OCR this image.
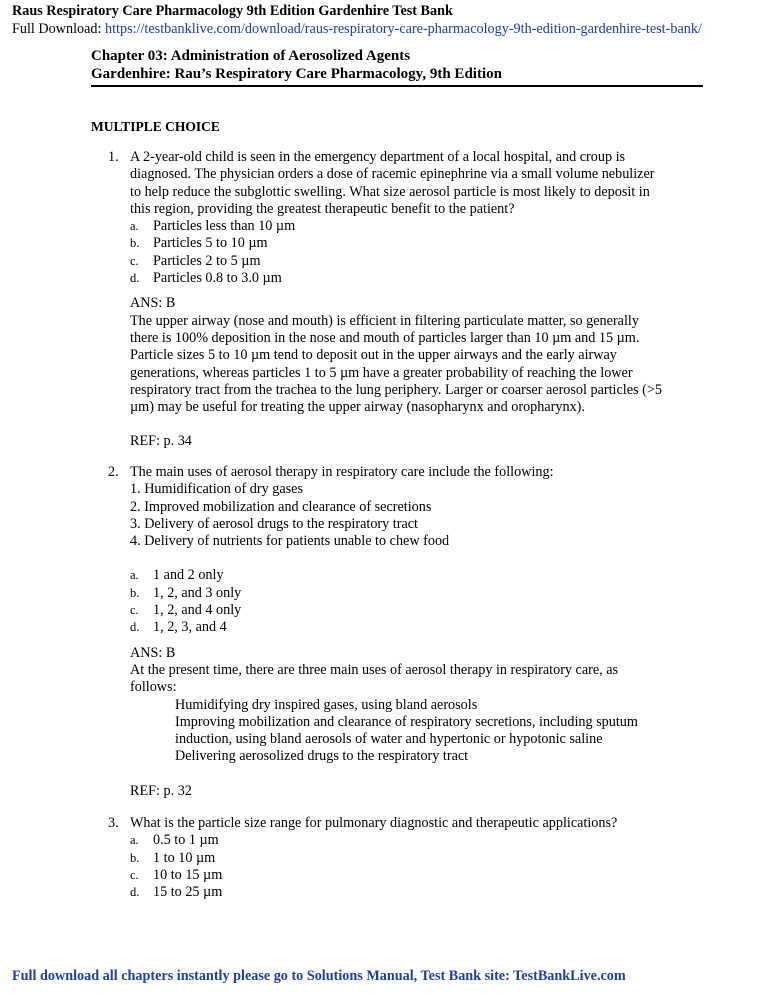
Raus Respiratory Care Pharmacology 9th Edition Gardenhire Test Bank
Full Download: https://testbanklive.com/download/raus-respiratory-care-pharmacology-9th-edition-gardenhire-test-bank/
Chapter 03: Administration of Aerosolized Agents
Gardenhire: Rau’s Respiratory Care Pharmacology, 9th Edition
MULTIPLE CHOICE
1. A 2-year-old child is seen in the emergency department of a local hospital, and croup is
diagnosed. The physician orders a dose of racemic epinephrine via a small volume nebulizer
to help reduce the subglottic swelling. What size aerosol particle is most likely to deposit in
this region, providing the greatest therapeutic benefit to the patient?
a. Particles less than 10 µm
b. Particles 5 to 10 µm
c. Particles 2 to 5 µm
d. Particles 0.8 to 3.0 µm
ANS: B
The upper airway (nose and mouth) is efficient in filtering particulate matter, so generally
there is 100% deposition in the nose and mouth of particles larger than 10 µm and 15 µm.
Particle sizes 5 to 10 µm tend to deposit out in the upper airways and the early airway
generations, whereas particles 1 to 5 µm have a greater probability of reaching the lower
respiratory tract from the trachea to the lung periphery. Larger or coarser aerosol particles (>5
µm) may be useful for treating the upper airway (nasopharynx and oropharynx).
REF: p. 34
2. The main uses of aerosol therapy in respiratory care include the following:
1. Humidification of dry gases
2. Improved mobilization and clearance of secretions
3. Delivery of aerosol drugs to the respiratory tract
4. Delivery of nutrients for patients unable to chew food
a. 1 and 2 only
b. 1, 2, and 3 only
c. 1, 2, and 4 only
d. 1, 2, 3, and 4
ANS: B
At the present time, there are three main uses of aerosol therapy in respiratory care, as
follows:
Humidifying dry inspired gases, using bland aerosols
Improving mobilization and clearance of respiratory secretions, including sputum
induction, using bland aerosols of water and hypertonic or hypotonic saline
Delivering aerosolized drugs to the respiratory tract
REF: p. 32
3. What is the particle size range for pulmonary diagnostic and therapeutic applications?
a. 0.5 to 1 µm
b. 1 to 10 µm
c. 10 to 15 µm
d. 15 to 25 µm
Full download all chapters instantly please go to Solutions Manual, Test Bank site: TestBankLive.com
